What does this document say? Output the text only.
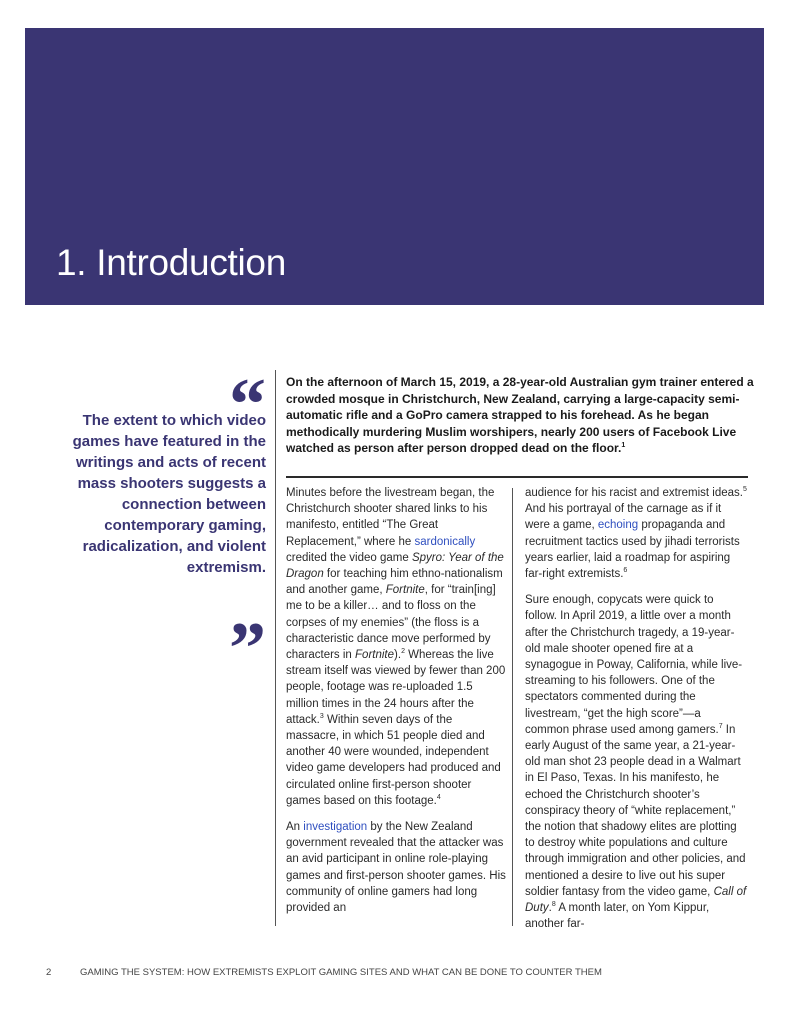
1. Introduction
“
The extent to which video games have featured in the writings and acts of recent mass shooters suggests a connection between contemporary gaming, radicalization, and violent extremism.
”
On the afternoon of March 15, 2019, a 28-year-old Australian gym trainer entered a crowded mosque in Christchurch, New Zealand, carrying a large-capacity semi-automatic rifle and a GoPro camera strapped to his forehead. As he began methodically murdering Muslim worshipers, nearly 200 users of Facebook Live watched as person after person dropped dead on the floor.$^1$

Minutes before the livestream began, the Christchurch shooter shared links to his manifesto, entitled “The Great Replacement,” where he sardonically credited the video game Spyro: Year of the Dragon for teaching him ethno-nationalism and another game, Fortnite, for “train[ing] me to be a killer… and to floss on the corpses of my enemies” (the floss is a characteristic dance move performed by characters in Fortnite).$^2$ Whereas the live stream itself was viewed by fewer than 200 people, footage was re-uploaded 1.5 million times in the 24 hours after the attack.$^3$ Within seven days of the massacre, in which 51 people died and another 40 were wounded, independent video game developers had produced and circulated online first-person shooter games based on this footage.$^4$

An investigation by the New Zealand government revealed that the attacker was an avid participant in online role-playing games and first-person shooter games. His community of online gamers had long provided an

audience for his racist and extremist ideas.$^5$ And his portrayal of the carnage as if it were a game, echoing propaganda and recruitment tactics used by jihadi terrorists years earlier, laid a roadmap for aspiring far-right extremists.$^6$

Sure enough, copycats were quick to follow. In April 2019, a little over a month after the Christchurch tragedy, a 19-year-old male shooter opened fire at a synagogue in Poway, California, while live-streaming to his followers. One of the spectators commented during the livestream, “get the high score”—a common phrase used among gamers.$^7$ In early August of the same year, a 21-year-old man shot 23 people dead in a Walmart in El Paso, Texas. In his manifesto, he echoed the Christchurch shooter’s conspiracy theory of “white replacement,” the notion that shadowy elites are plotting to destroy white populations and culture through immigration and other policies, and mentioned a desire to live out his super soldier fantasy from the video game, Call of Duty.$^8$ A month later, on Yom Kippur, another far-

2	GAMING THE SYSTEM: HOW EXTREMISTS EXPLOIT GAMING SITES AND WHAT CAN BE DONE TO COUNTER THEM
